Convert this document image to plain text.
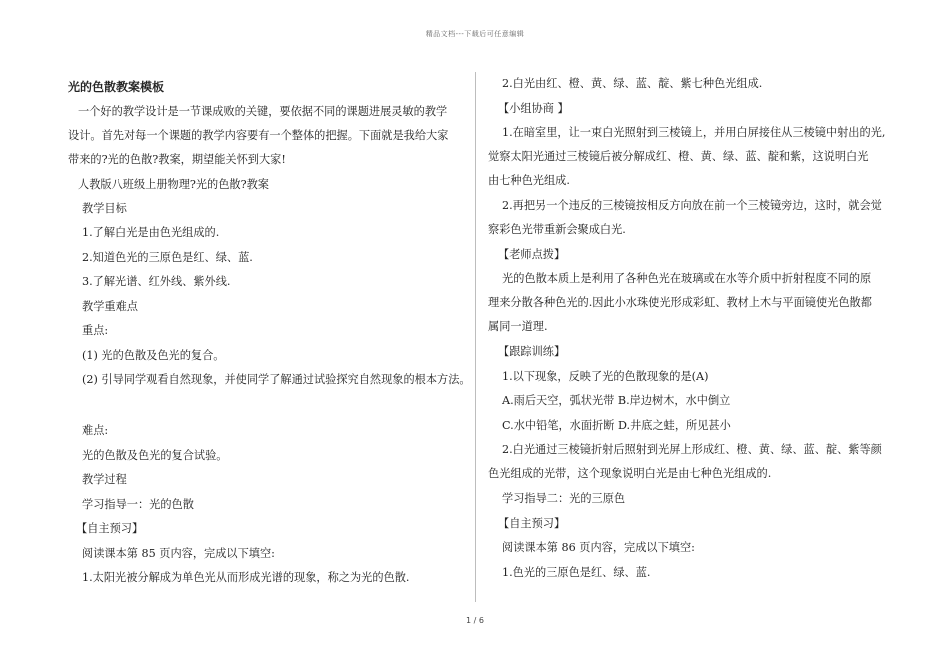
精品文档---下载后可任意编辑

光的色散教案模板

一个好的教学设计是一节课成败的关键，要依据不同的课题进展灵敏的教学

设计。首先对每一个课题的教学内容要有一个整体的把握。下面就是我给大家

带来的?光的色散?教案，期望能关怀到大家!

人教版八班级上册物理?光的色散?教案

教学目标

1.了解白光是由色光组成的.

2.知道色光的三原色是红、绿、蓝.

3.了解光谱、红外线、紫外线.

教学重难点

重点:

(1) 光的色散及色光的复合。

(2) 引导同学观看自然现象，并使同学了解通过试验探究自然现象的根本方法。

难点:

光的色散及色光的复合试验。

教学过程

学习指导一：光的色散

【自主预习】

阅读课本第 85 页内容，完成以下填空:

1.太阳光被分解成为单色光从而形成光谱的现象，称之为光的色散.

2.白光由红、橙、黄、绿、蓝、靛、紫七种色光组成.

【小组协商 】

1.在暗室里，让一束白光照射到三棱镜上，并用白屏接住从三棱镜中射出的光,

觉察太阳光通过三棱镜后被分解成红、橙、黄、绿、蓝、靛和紫，这说明白光

由七种色光组成.

2.再把另一个违反的三棱镜按相反方向放在前一个三棱镜旁边，这时，就会觉

察彩色光带重新会聚成白光.

【老师点拨】

光的色散本质上是利用了各种色光在玻璃或在水等介质中折射程度不同的原

理来分散各种色光的.因此小水珠使光形成彩虹、教材上木与平面镜使光色散都

属同一道理.

【跟踪训练】

1.以下现象，反映了光的色散现象的是(A)

A.雨后天空，弧状光带 B.岸边树木，水中倒立

C.水中铅笔，水面折断 D.井底之蛙，所见甚小

2.白光通过三棱镜折射后照射到光屏上形成红、橙、黄、绿、蓝、靛、紫等颜

色光组成的光带，这个现象说明白光是由七种色光组成的.

学习指导二：光的三原色

【自主预习】

阅读课本第 86 页内容，完成以下填空:

1.色光的三原色是红、绿、蓝.

1 / 6
